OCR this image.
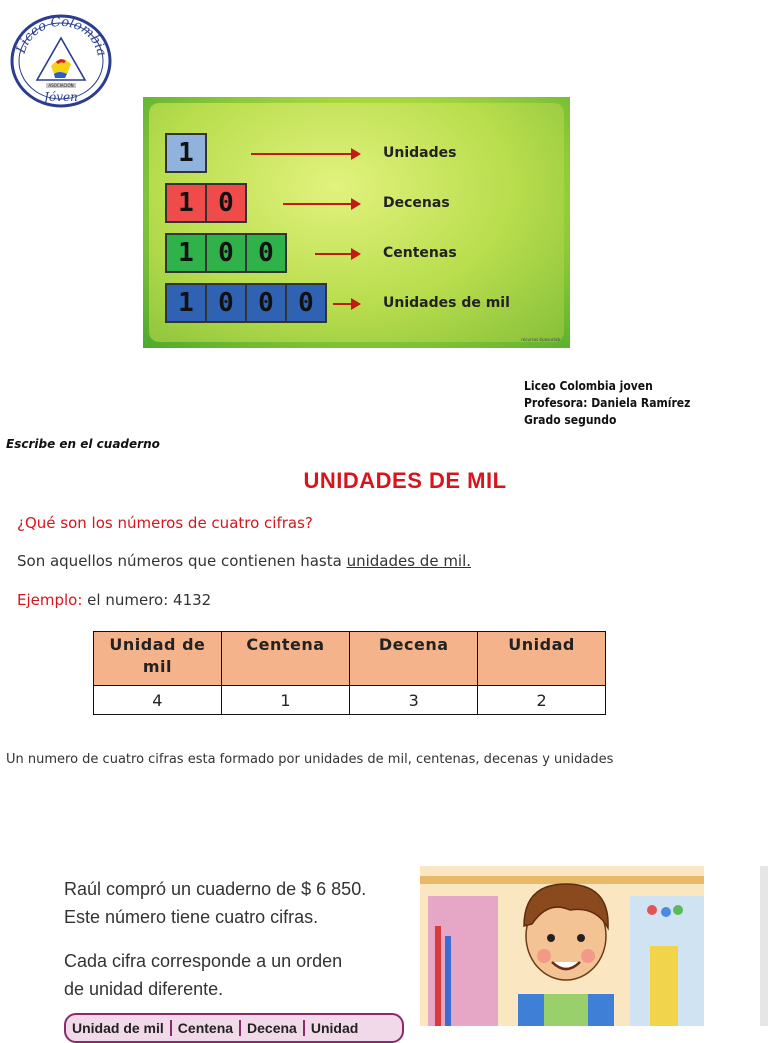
Liceo Colombia
ASOCIACIÓN
Jóven
1	Unidades
1 0	Decenas
1 0 0	Centenas
1 0 0 0	Unidades de mil
recursos.tiposuslab
Liceo Colombia joven
Profesora: Daniela Ramírez
Grado segundo
Escribe en el cuaderno
UNIDADES DE MIL
¿Qué son los números de cuatro cifras?
Son aquellos números que contienen hasta unidades de mil.
Ejemplo: el numero: 4132
Unidad de mil	Centena	Decena	Unidad
4	1	3	2
Un numero de cuatro cifras esta formado por unidades de mil, centenas, decenas y unidades
Raúl compró un cuaderno de $ 6 850.
Este número tiene cuatro cifras.
Cada cifra corresponde a un orden
de unidad diferente.
Unidad de mil	Centena	Decena	Unidad
